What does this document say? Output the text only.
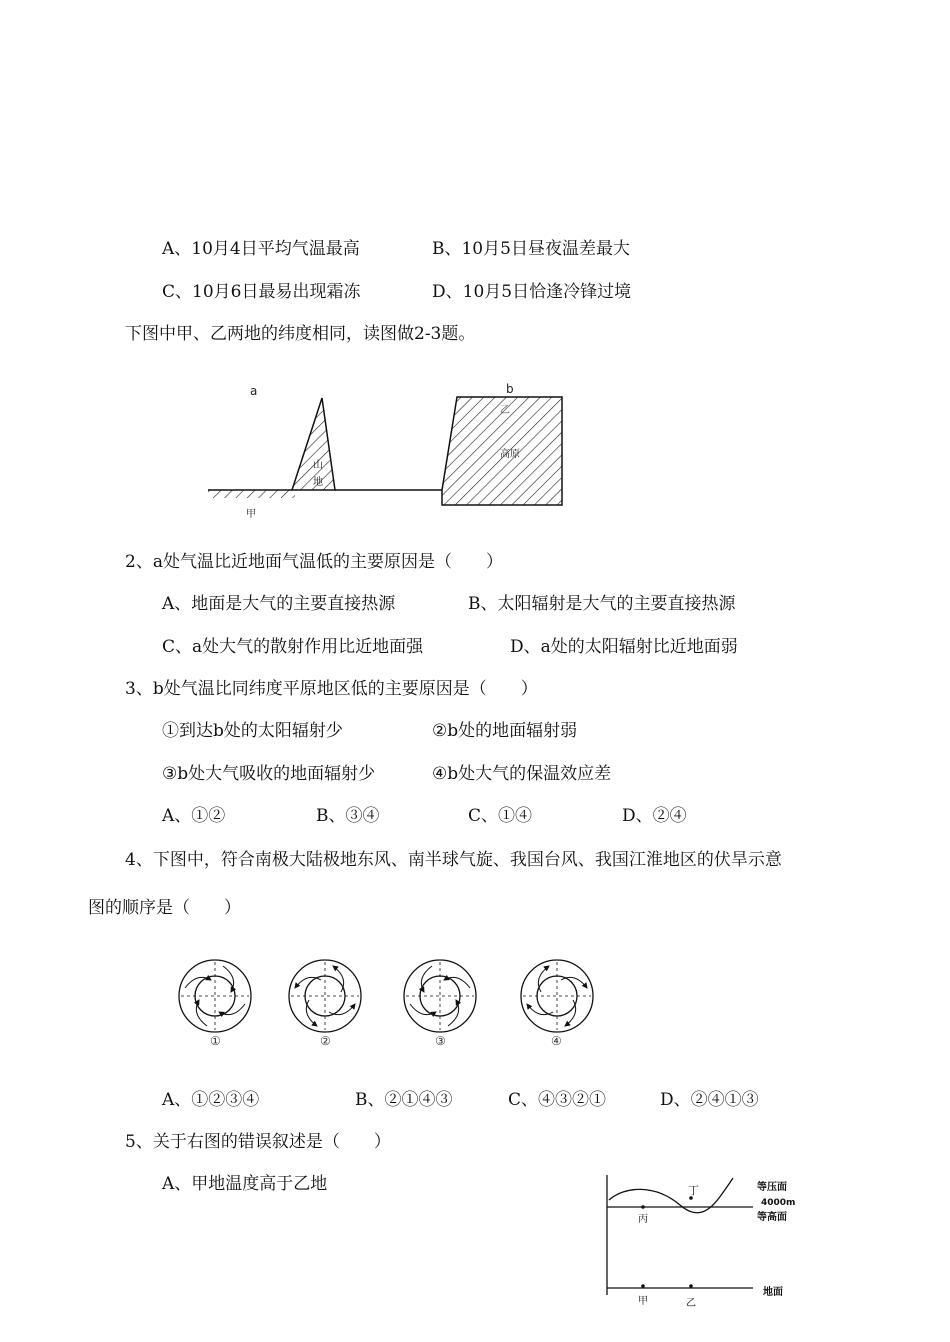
A、10月4日平均气温最高	B、10月5日昼夜温差最大
C、10月6日最易出现霜冻	D、10月5日恰逢冷锋过境
下图中甲、乙两地的纬度相同，读图做2-3题。
a	b
乙
山
地
高原
甲
2、a处气温比近地面气温低的主要原因是（　　）
A、地面是大气的主要直接热源	B、太阳辐射是大气的主要直接热源
C、a处大气的散射作用比近地面强	D、a处的太阳辐射比近地面弱
3、b处气温比同纬度平原地区低的主要原因是（　　）
①到达b处的太阳辐射少	②b处的地面辐射弱
③b处大气吸收的地面辐射少	④b处大气的保温效应差
A、①②	B、③④	C、①④	D、②④
4、下图中，符合南极大陆极地东风、南半球气旋、我国台风、我国江淮地区的伏旱示意
图的顺序是（　　）
①	②	③	④
A、①②③④	B、②①④③	C、④③②①	D、②④①③
5、关于右图的错误叙述是（　　）
A、甲地温度高于乙地	等压面
4000m
等高面
丁
丙
地面
甲	乙
